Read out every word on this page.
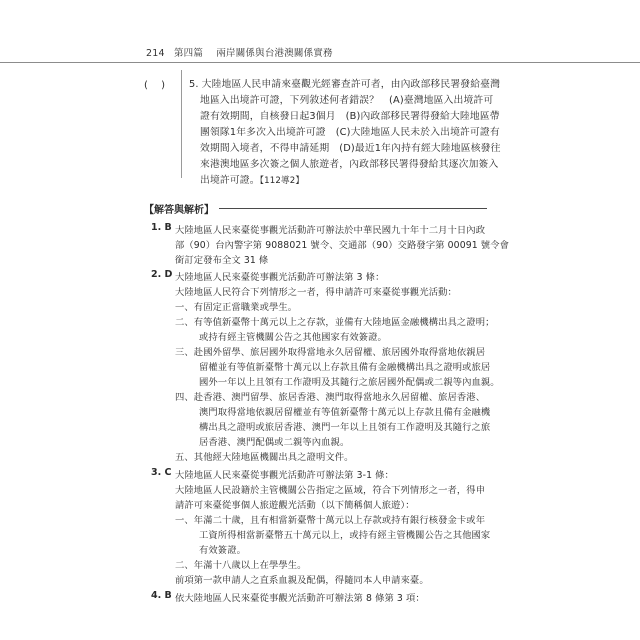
214 第四篇 兩岸關係與台港澳關係實務
(　 ) 5. 大陸地區人民申請來臺觀光經審查許可者，由內政部移民署發給臺灣
地區入出境許可證，下列敘述何者錯誤？　(A)臺灣地區入出境許可
證有效期間，自核發日起3個月　(B)內政部移民署得發給大陸地區帶
團領隊1年多次入出境許可證　(C)大陸地區人民未於入出境許可證有
效期間入境者，不得申請延期　(D)最近1年內持有經大陸地區核發往
來港澳地區多次簽之個人旅遊者，內政部移民署得發給其逐次加簽入
出境許可證。【112導2】
【解答與解析】
1. B 大陸地區人民來臺從事觀光活動許可辦法於中華民國九十年十二月十日內政
部（90）台內警字第 9088021 號令、交通部（90）交路發字第 00091 號令會
銜訂定發布全文 31 條
2. D 大陸地區人民來臺從事觀光活動許可辦法第 3 條：
大陸地區人民符合下列情形之一者，得申請許可來臺從事觀光活動：
一、有固定正當職業或學生。
二、有等值新臺幣十萬元以上之存款，並備有大陸地區金融機構出具之證明；
或持有經主管機關公告之其他國家有效簽證。
三、赴國外留學、旅居國外取得當地永久居留權、旅居國外取得當地依親居
留權並有等值新臺幣十萬元以上存款且備有金融機構出具之證明或旅居
國外一年以上且領有工作證明及其隨行之旅居國外配偶或二親等內血親。
四、赴香港、澳門留學、旅居香港、澳門取得當地永久居留權、旅居香港、
澳門取得當地依親居留權並有等值新臺幣十萬元以上存款且備有金融機
構出具之證明或旅居香港、澳門一年以上且領有工作證明及其隨行之旅
居香港、澳門配偶或二親等內血親。
五、其他經大陸地區機關出具之證明文件。
3. C 大陸地區人民來臺從事觀光活動許可辦法第 3-1 條：
大陸地區人民設籍於主管機關公告指定之區域，符合下列情形之一者，得申
請許可來臺從事個人旅遊觀光活動（以下簡稱個人旅遊）：
一、年滿二十歲，且有相當新臺幣十萬元以上存款或持有銀行核發金卡或年
工資所得相當新臺幣五十萬元以上，或持有經主管機關公告之其他國家
有效簽證。
二、年滿十八歲以上在學學生。
前項第一款申請人之直系血親及配偶，得隨同本人申請來臺。
4. B 依大陸地區人民來臺從事觀光活動許可辦法第 8 條第 3 項：
